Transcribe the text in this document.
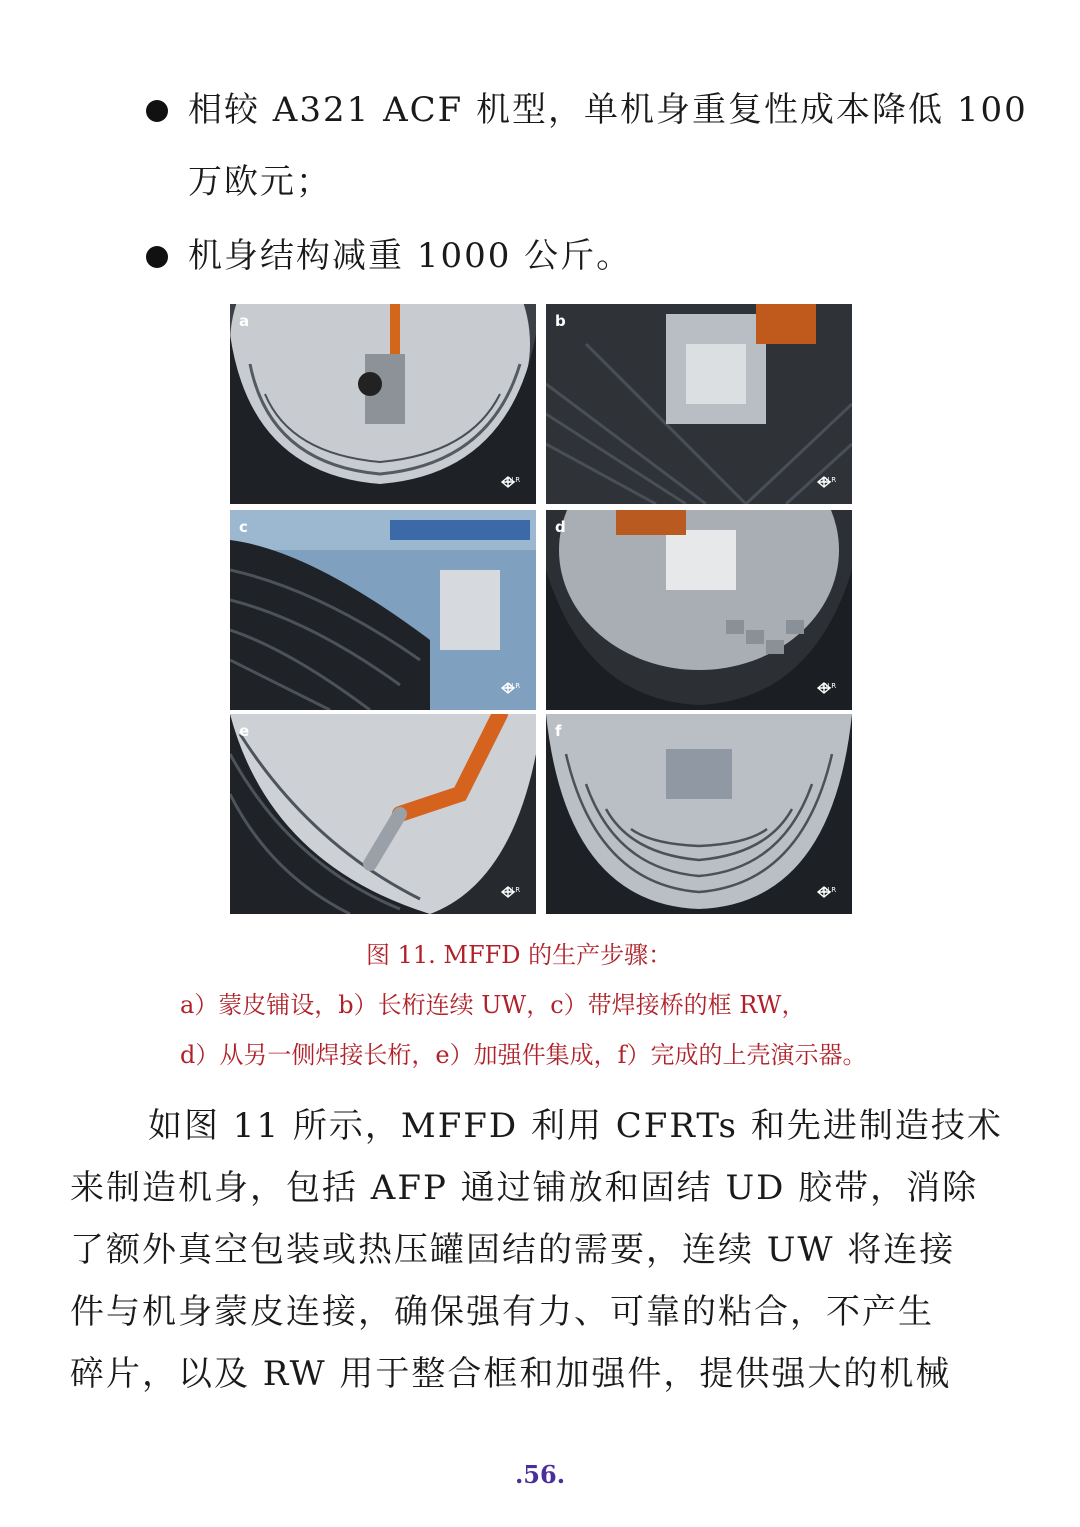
相较 A321 ACF 机型，单机身重复性成本降低 100
万欧元；
机身结构减重 1000 公斤。
a
DLR
b
DLR
c
DLR
d
DLR
e
DLR
f
DLR
图 11. MFFD 的生产步骤：
a）蒙皮铺设，b）长桁连续 UW，c）带焊接桥的框 RW，
d）从另一侧焊接长桁，e）加强件集成，f）完成的上壳演示器。
如图 11 所示，MFFD 利用 CFRTs 和先进制造技术
来制造机身，包括 AFP 通过铺放和固结 UD 胶带，消除
了额外真空包装或热压罐固结的需要，连续 UW 将连接
件与机身蒙皮连接，确保强有力、可靠的粘合，不产生
碎片，以及 RW 用于整合框和加强件，提供强大的机械
.56.
